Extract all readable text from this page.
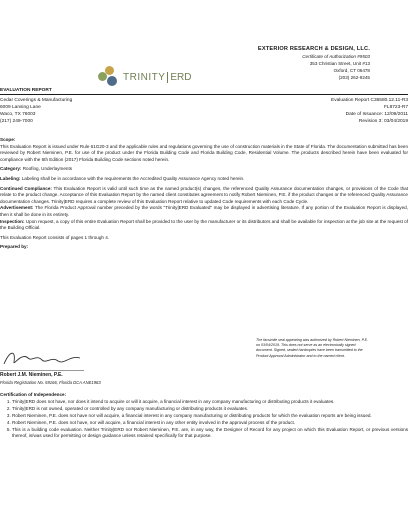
TRINITY ERD
EXTERIOR RESEARCH & DESIGN, LLC.
Certificate of Authorization #9503
353 Christian Street, Unit #13
Oxford, CT 06478
(203) 262-9245
EVALUATION REPORT
Cedar Coverings & Manufacturing
6009 Lansing Lane
Waco, TX 76003
(217) 249-7000
Evaluation Report C36580.12.11-R3
FL8723-R7
Date of Issuance: 12/09/2011
Revision 3: 03/04/2019

Scope:
This Evaluation Report is issued under Rule 61G20-3 and the applicable rules and regulations governing the use of construction materials in the State of Florida. The documentation submitted has been reviewed by Robert Nieminen, P.E. for use of the product under the Florida Building Code and Florida Building Code, Residential Volume. The products described herein have been evaluated for compliance with the 6th Edition (2017) Florida Building Code sections noted herein.

Category: Roofing, Underlayments

Labeling: Labeling shall be in accordance with the requirements the Accredited Quality Assurance Agency noted herein.

Continued Compliance: This Evaluation Report is valid until such time as the named product(s) changes, the referenced Quality Assurance documentation changes, or provisions of the Code that relate to the product change. Acceptance of this Evaluation Report by the named client constitutes agreement to notify Robert Nieminen, P.E. if the product changes or the referenced Quality Assurance documentation changes. Trinity|ERD requires a complete review of this Evaluation Report relative to updated Code requirements with each Code Cycle.
Advertisement: The Florida Product Approval number preceded by the words "Trinity|ERD Evaluated" may be displayed in advertising literature. If any portion of the Evaluation Report is displayed, then it shall be done in its entirety.
Inspection: Upon request, a copy of this entire Evaluation Report shall be provided to the user by the manufacturer or its distributors and shall be available for inspection at the job site at the request of the Building Official.

This Evaluation Report consists of pages 1 through 4.

Prepared by:

Robert J.M. Nieminen, P.E.
Florida Registration No. 59166, Florida DCA ANE1983
The facsimile seal appearing was authorized by Robert Nieminen, P.E. on 03/04/2019. This does not serve as an electronically signed document. Signed, sealed hardcopies have been transmitted to the Product Approval Administrator and to the named client.
Certification of Independence:
1. Trinity|ERD does not have, nor does it intend to acquire or will it acquire, a financial interest in any company manufacturing or distributing products it evaluates.
2. Trinity|ERD is not owned, operated or controlled by any company manufacturing or distributing products it evaluates.
3. Robert Nieminen, P.E. does not have nor will acquire, a financial interest in any company manufacturing or distributing products for which the evaluation reports are being issued.
4. Robert Nieminen, P.E. does not have, nor will acquire, a financial interest in any other entity involved in the approval process of the product.
5. This is a building code evaluation. Neither Trinity|ERD nor Robert Nieminen, P.E. are, in any way, the Designer of Record for any project on which this Evaluation Report, or previous versions thereof, is/was used for permitting or design guidance unless retained specifically for that purpose.
